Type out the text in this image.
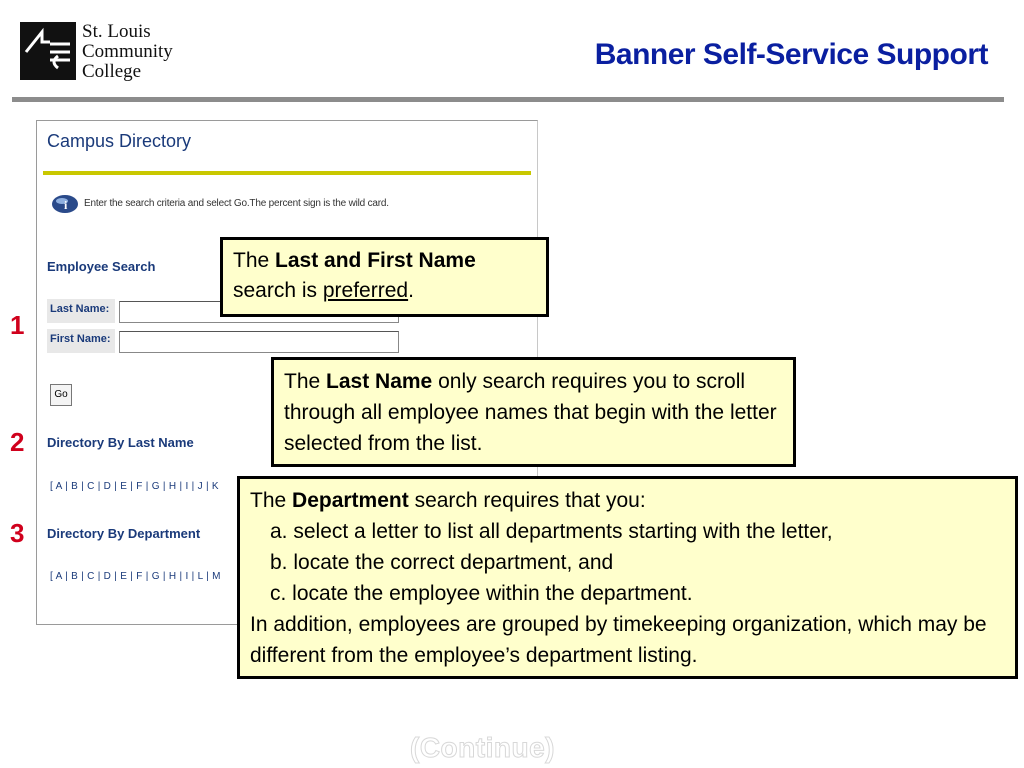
St. Louis
Community
College
Banner Self-Service Support
Campus Directory
i Enter the search criteria and select Go.The percent sign is the wild card.
Employee Search
Last Name:
First Name:
Go
Directory By Last Name
[ A | B | C | D | E | F | G | H | I | J | K
Directory By Department
[ A | B | C | D | E | F | G | H | I | L | M
1
2
3
The Last and First Name
search is preferred.
The Last Name only search requires you to scroll through all employee names that begin with the letter selected from the list.
The Department search requires that you:
a. select a letter to list all departments starting with the letter,
b. locate the correct department, and
c. locate the employee within the department.
In addition, employees are grouped by timekeeping organization, which may be different from the employee’s department listing.
(Continue)
